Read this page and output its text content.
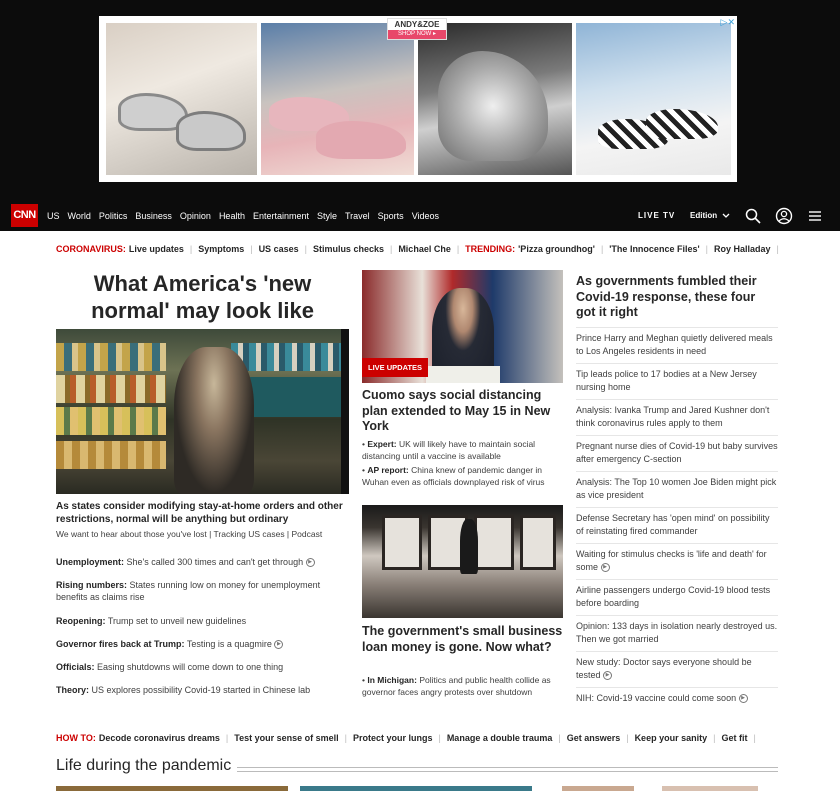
ANDY&ZOE
SHOP NOW ▸
▷✕
CNN US World Politics Business Opinion Health Entertainment Style Travel Sports Videos	LIVE TV Edition
CORONAVIRUS: Live updates | Symptoms | US cases | Stimulus checks | Michael Che | TRENDING: 'Pizza groundhog' | 'The Innocence Files' | Roy Halladay |
What America's 'new normal' may look like
As states consider modifying stay-at-home orders and other restrictions, normal will be anything but ordinary
We want to hear about those you've lost | Tracking US cases | Podcast
Unemployment: She's called 300 times and can't get through ▶
Rising numbers: States running low on money for unemployment benefits as claims rise
Reopening: Trump set to unveil new guidelines
Governor fires back at Trump: Testing is a quagmire ▶
Officials: Easing shutdowns will come down to one thing
Theory: US explores possibility Covid-19 started in Chinese lab
LIVE UPDATES
Cuomo says social distancing plan extended to May 15 in New York
• Expert: UK will likely have to maintain social distancing until a vaccine is available
• AP report: China knew of pandemic danger in Wuhan even as officials downplayed risk of virus
The government's small business loan money is gone. Now what?
• In Michigan: Politics and public health collide as governor faces angry protests over shutdown
As governments fumbled their Covid-19 response, these four got it right
Prince Harry and Meghan quietly delivered meals to Los Angeles residents in need
Tip leads police to 17 bodies at a New Jersey nursing home
Analysis: Ivanka Trump and Jared Kushner don't think coronavirus rules apply to them
Pregnant nurse dies of Covid-19 but baby survives after emergency C-section
Analysis: The Top 10 women Joe Biden might pick as vice president
Defense Secretary has 'open mind' on possibility of reinstating fired commander
Waiting for stimulus checks is 'life and death' for some ▶
Airline passengers undergo Covid-19 blood tests before boarding
Opinion: 133 days in isolation nearly destroyed us. Then we got married
New study: Doctor says everyone should be tested ▶
NIH: Covid-19 vaccine could come soon ▶
HOW TO: Decode coronavirus dreams | Test your sense of smell | Protect your lungs | Manage a double trauma | Get answers | Keep your sanity | Get fit |
Life during the pandemic
